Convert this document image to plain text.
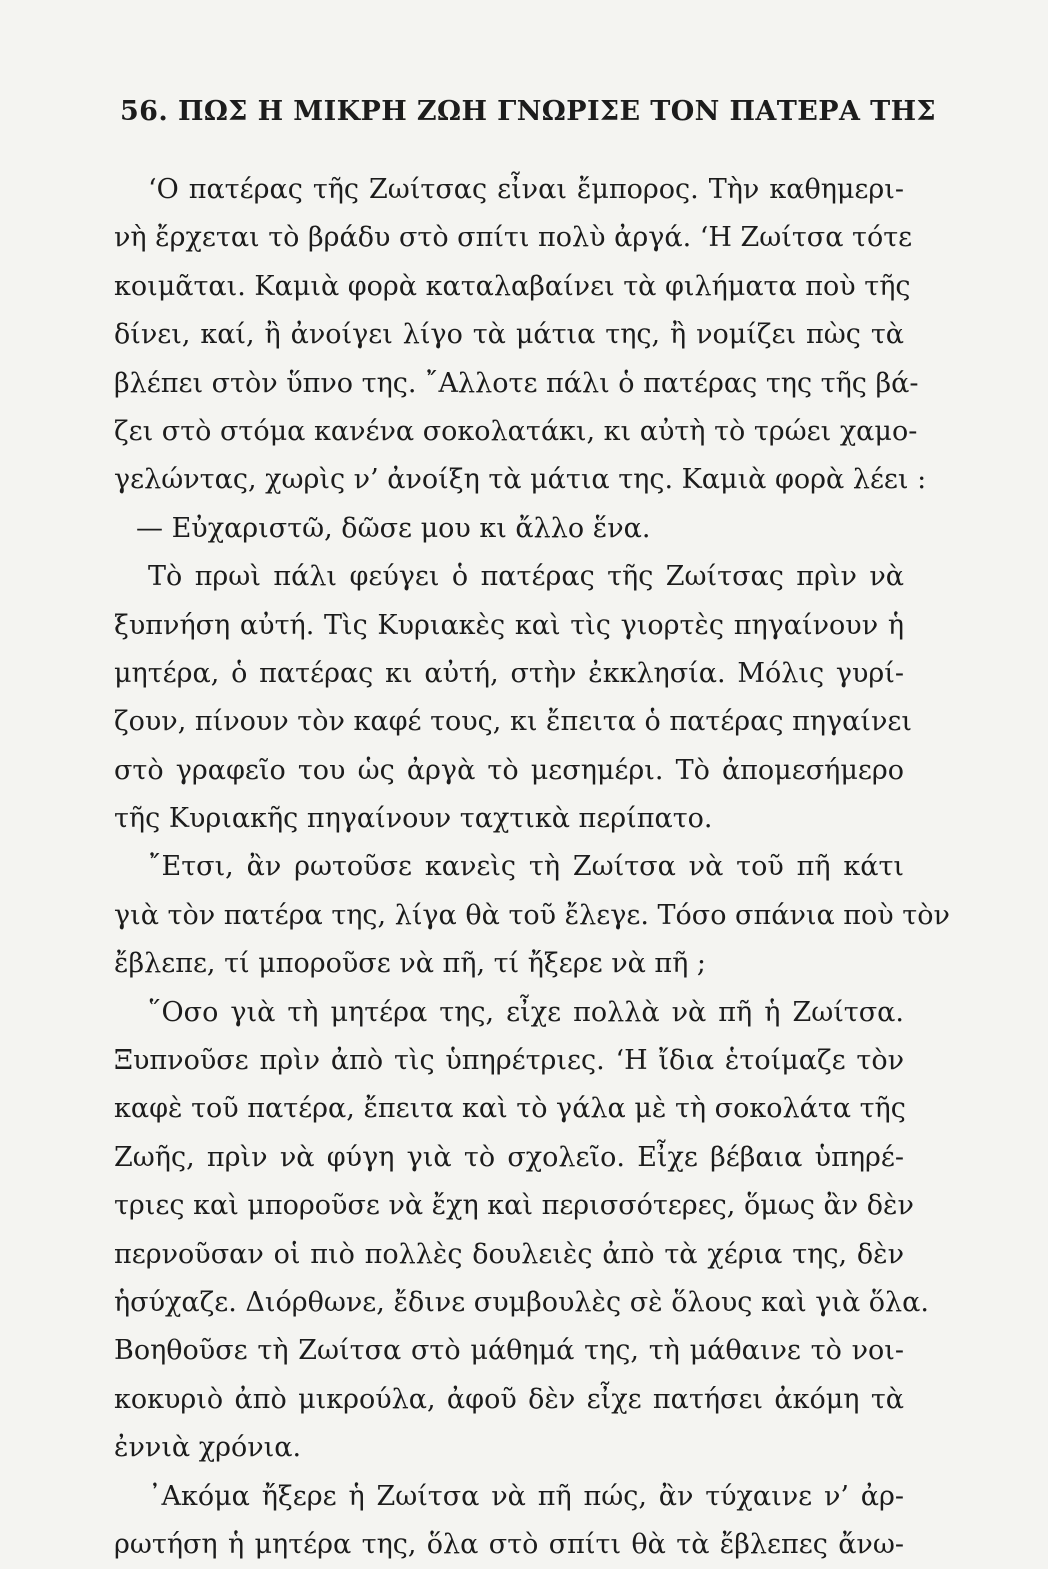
56. ΠΩΣ Η ΜΙΚΡΗ ΖΩΗ ΓΝΩΡΙΣΕ ΤΟΝ ΠΑΤΕΡΑ ΤΗΣ
‘Ο πατέρας τῆς Ζωίτσας εἶναι ἔμπορος. Τὴν καθημερι-
νὴ ἔρχεται τὸ βράδυ στὸ σπίτι πολὺ ἀργά. ‘Η Ζωίτσα τότε
κοιμᾶται. Καμιὰ φορὰ καταλαβαίνει τὰ φιλήματα ποὺ τῆς
δίνει, καί, ἢ ἀνοίγει λίγο τὰ μάτια της, ἢ νομίζει πὼς τὰ
βλέπει στὸν ὕπνο της. ῎Αλλοτε πάλι ὁ πατέρας της τῆς βά-
ζει στὸ στόμα κανένα σοκολατάκι, κι αὐτὴ τὸ τρώει χαμο-
γελώντας, χωρὶς ν’ ἀνοίξη τὰ μάτια της. Καμιὰ φορὰ λέει :
— Εὐχαριστῶ, δῶσε μου κι ἄλλο ἕνα.
Τὸ πρωὶ πάλι φεύγει ὁ πατέρας τῆς Ζωίτσας πρὶν νὰ
ξυπνήση αὐτή. Τὶς Κυριακὲς καὶ τὶς γιορτὲς πηγαίνουν ἡ
μητέρα, ὁ πατέρας κι αὐτή, στὴν ἐκκλησία. Μόλις γυρί-
ζουν, πίνουν τὸν καφέ τους, κι ἔπειτα ὁ πατέρας πηγαίνει
στὸ γραφεῖο του ὡς ἀργὰ τὸ μεσημέρι. Τὸ ἀπομεσήμερο
τῆς Κυριακῆς πηγαίνουν ταχτικὰ περίπατο.
῎Ετσι, ἂν ρωτοῦσε κανεὶς τὴ Ζωίτσα νὰ τοῦ πῆ κάτι
γιὰ τὸν πατέρα της, λίγα θὰ τοῦ ἔλεγε. Τόσο σπάνια ποὺ τὸν
ἔβλεπε, τί μποροῦσε νὰ πῆ, τί ἤξερε νὰ πῆ ;
῞Οσο γιὰ τὴ μητέρα της, εἶχε πολλὰ νὰ πῆ ἡ Ζωίτσα.
Ξυπνοῦσε πρὶν ἀπὸ τὶς ὑπηρέτριες. ‘Η ἴδια ἑτοίμαζε τὸν
καφὲ τοῦ πατέρα, ἔπειτα καὶ τὸ γάλα μὲ τὴ σοκολάτα τῆς
Ζωῆς, πρὶν νὰ φύγη γιὰ τὸ σχολεῖο. Εἶχε βέβαια ὑπηρέ-
τριες καὶ μποροῦσε νὰ ἔχη καὶ περισσότερες, ὅμως ἂν δὲν
περνοῦσαν οἱ πιὸ πολλὲς δουλειὲς ἀπὸ τὰ χέρια της, δὲν
ἡσύχαζε. Διόρθωνε, ἔδινε συμβουλὲς σὲ ὅλους καὶ γιὰ ὅλα.
Βοηθοῦσε τὴ Ζωίτσα στὸ μάθημά της, τὴ μάθαινε τὸ νοι-
κοκυριὸ ἀπὸ μικρούλα, ἀφοῦ δὲν εἶχε πατήσει ἀκόμη τὰ
ἐννιὰ χρόνια.
᾿Ακόμα ἤξερε ἡ Ζωίτσα νὰ πῆ πώς, ἂν τύχαινε ν’ ἀρ-
ρωτήση ἡ μητέρα της, ὅλα στὸ σπίτι θὰ τὰ ἔβλεπες ἄνω-
